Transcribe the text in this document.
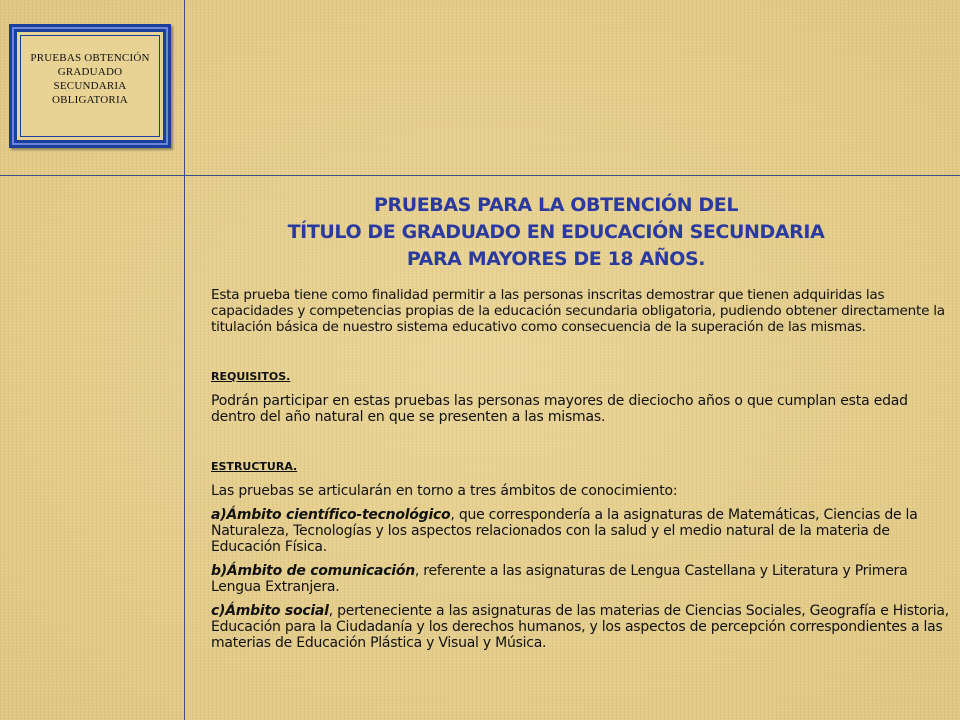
PRUEBAS OBTENCIÓN
GRADUADO
SECUNDARIA
OBLIGATORIA
PRUEBAS PARA LA OBTENCIÓN DEL
TÍTULO DE GRADUADO EN EDUCACIÓN SECUNDARIA
PARA MAYORES DE 18 AÑOS.

Esta prueba tiene como finalidad permitir a las personas inscritas demostrar que tienen adquiridas las capacidades y competencias propias de la educación secundaria obligatoria, pudiendo obtener directamente la titulación básica de nuestro sistema educativo como consecuencia de la superación de las mismas.

REQUISITOS.
Podrán participar en estas pruebas las personas mayores de dieciocho años o que cumplan esta edad dentro del año natural en que se presenten a las mismas.
ESTRUCTURA.
Las pruebas se articularán en torno a tres ámbitos de conocimiento:
a)Ámbito científico-tecnológico, que correspondería a la asignaturas de Matemáticas, Ciencias de la Naturaleza, Tecnologías y los aspectos relacionados con la salud y el medio natural de la materia de Educación Física.
b)Ámbito de comunicación, referente a las asignaturas de Lengua Castellana y Literatura y Primera Lengua Extranjera.
c)Ámbito social, perteneciente a las asignaturas de las materias de Ciencias Sociales, Geografía e Historia, Educación para la Ciudadanía y los derechos humanos, y los aspectos de percepción correspondientes a las materias de Educación Plástica y Visual y Música.
